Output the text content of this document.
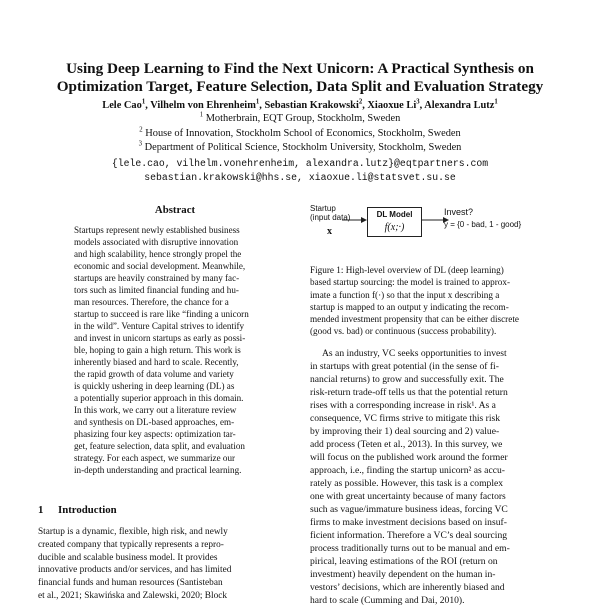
Using Deep Learning to Find the Next Unicorn: A Practical Synthesis on
Optimization Target, Feature Selection, Data Split and Evaluation Strategy
Lele Cao$^1$, Vilhelm von Ehrenheim$^1$, Sebastian Krakowski$^2$, Xiaoxue Li$^3$, Alexandra Lutz$^1$
$^1$ Motherbrain, EQT Group, Stockholm, Sweden
$^2$ House of Innovation, Stockholm School of Economics, Stockholm, Sweden
$^3$ Department of Political Science, Stockholm University, Stockholm, Sweden
{lele.cao, vilhelm.vonehrenheim, alexandra.lutz}@eqtpartners.com
sebastian.krakowski@hhs.se, xiaoxue.li@statsvet.su.se
Abstract
Startups represent newly established business
models associated with disruptive innovation
and high scalability, hence strongly propel the
economic and social development. Meanwhile,
startups are heavily constrained by many fac-
tors such as limited financial funding and hu-
man resources. Therefore, the chance for a
startup to succeed is rare like “finding a unicorn
in the wild”. Venture Capital strives to identify
and invest in unicorn startups as early as possi-
ble, hoping to gain a high return. This work is
inherently biased and hard to scale. Recently,
the rapid growth of data volume and variety
is quickly ushering in deep learning (DL) as
a potentially superior approach in this domain.
In this work, we carry out a literature review
and synthesis on DL-based approaches, em-
phasizing four key aspects: optimization tar-
get, feature selection, data split, and evaluation
strategy. For each aspect, we summarize our
in-depth understanding and practical learning.
1 Introduction
Startup is a dynamic, flexible, high risk, and newly
created company that typically represents a repro-
ducible and scalable business model. It provides
innovative products and/or services, and has limited
financial funds and human resources (Santisteban
et al., 2021; Skawińska and Zalewski, 2020; Block
Startup
(input data)
x
DL Model
f(x;·)
Invest?
y = {0 - bad, 1 - good}
Figure 1: High-level overview of DL (deep learning)
based startup sourcing: the model is trained to approx-
imate a function f(·) so that the input x describing a
startup is mapped to an output y indicating the recom-
mended investment propensity that can be either discrete
(good vs. bad) or continuous (success probability).
As an industry, VC seeks opportunities to invest
in startups with great potential (in the sense of fi-
nancial returns) to grow and successfully exit. The
risk-return trade-off tells us that the potential return
rises with a corresponding increase in risk¹. As a
consequence, VC firms strive to mitigate this risk
by improving their 1) deal sourcing and 2) value-
add process (Teten et al., 2013). In this survey, we
will focus on the published work around the former
approach, i.e., finding the startup unicorn² as accu-
rately as possible. However, this task is a complex
one with great uncertainty because of many factors
such as vague/immature business ideas, forcing VC
firms to make investment decisions based on insuf-
ficient information. Therefore a VC’s deal sourcing
process traditionally turns out to be manual and em-
pirical, leaving estimations of the ROI (return on
investment) heavily dependent on the human in-
vestors’ decisions, which are inherently biased and
hard to scale (Cumming and Dai, 2010).
